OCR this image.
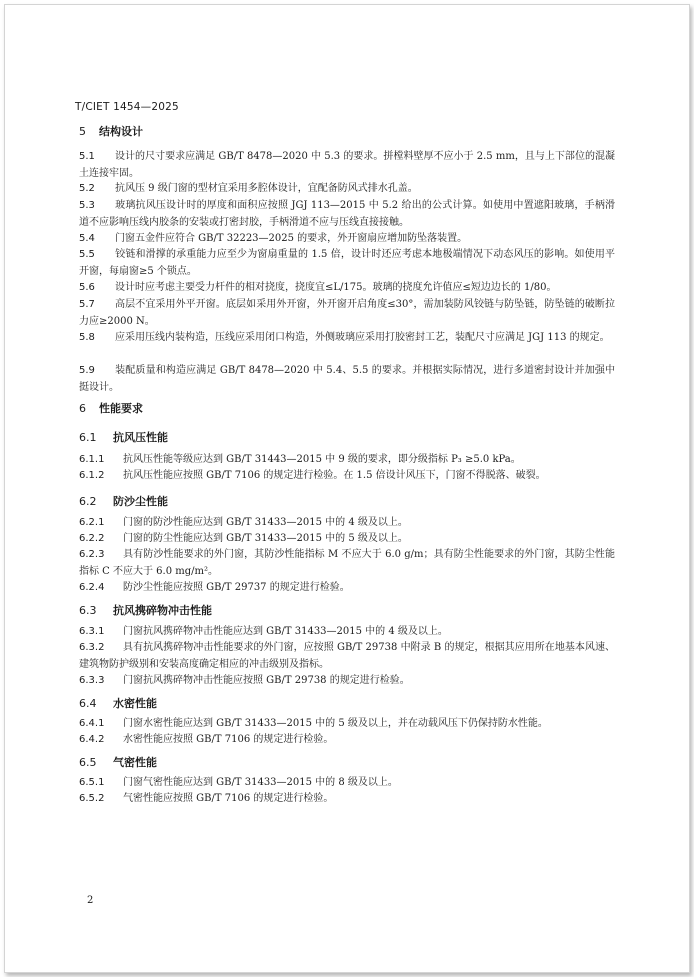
T/CIET 1454—2025
5 结构设计
5.1 设计的尺寸要求应满足 GB/T 8478—2020 中 5.3 的要求。拼樘料壁厚不应小于 2.5 mm，且与上下部位的混凝土连接牢固。
5.2 抗风压 9 级门窗的型材宜采用多腔体设计，宜配备防风式排水孔盖。
5.3 玻璃抗风压设计时的厚度和面积应按照 JGJ 113—2015 中 5.2 给出的公式计算。如使用中置遮阳玻璃，手柄滑道不应影响压线内胶条的安装或打密封胶，手柄滑道不应与压线直接接触。
5.4 门窗五金件应符合 GB/T 32223—2025 的要求，外开窗扇应增加防坠落装置。
5.5 铰链和滑撑的承重能力应至少为窗扇重量的 1.5 倍，设计时还应考虑本地极端情况下动态风压的影响。如使用平开窗，每扇窗≥5 个锁点。
5.6 设计时应考虑主要受力杆件的相对挠度，挠度宜≤L/175。玻璃的挠度允许值应≤短边边长的 1/80。
5.7 高层不宜采用外平开窗。底层如采用外开窗，外开窗开启角度≤30°，需加装防风铰链与防坠链，防坠链的破断拉力应≥2000 N。
5.8 应采用压线内装构造，压线应采用闭口构造，外侧玻璃应采用打胶密封工艺，装配尺寸应满足 JGJ 113 的规定。
5.9 装配质量和构造应满足 GB/T 8478—2020 中 5.4、5.5 的要求。并根据实际情况，进行多道密封设计并加强中挺设计。
6 性能要求
6.1 抗风压性能
6.1.1 抗风压性能等级应达到 GB/T 31443—2015 中 9 级的要求，即分级指标 P₃ ≥5.0 kPa。
6.1.2 抗风压性能应按照 GB/T 7106 的规定进行检验。在 1.5 倍设计风压下，门窗不得脱落、破裂。
6.2 防沙尘性能
6.2.1 门窗的防沙性能应达到 GB/T 31433—2015 中的 4 级及以上。
6.2.2 门窗的防尘性能应达到 GB/T 31433—2015 中的 5 级及以上。
6.2.3 具有防沙性能要求的外门窗，其防沙性能指标 M 不应大于 6.0 g/m；具有防尘性能要求的外门窗，其防尘性能指标 C 不应大于 6.0 mg/m²。
6.2.4 防沙尘性能应按照 GB/T 29737 的规定进行检验。
6.3 抗风携碎物冲击性能
6.3.1 门窗抗风携碎物冲击性能应达到 GB/T 31433—2015 中的 4 级及以上。
6.3.2 具有抗风携碎物冲击性能要求的外门窗，应按照 GB/T 29738 中附录 B 的规定，根据其应用所在地基本风速、建筑物防护级别和安装高度确定相应的冲击级别及指标。
6.3.3 门窗抗风携碎物冲击性能应按照 GB/T 29738 的规定进行检验。
6.4 水密性能
6.4.1 门窗水密性能应达到 GB/T 31433—2015 中的 5 级及以上，并在动载风压下仍保持防水性能。
6.4.2 水密性能应按照 GB/T 7106 的规定进行检验。
6.5 气密性能
6.5.1 门窗气密性能应达到 GB/T 31433—2015 中的 8 级及以上。
6.5.2 气密性能应按照 GB/T 7106 的规定进行检验。
2
